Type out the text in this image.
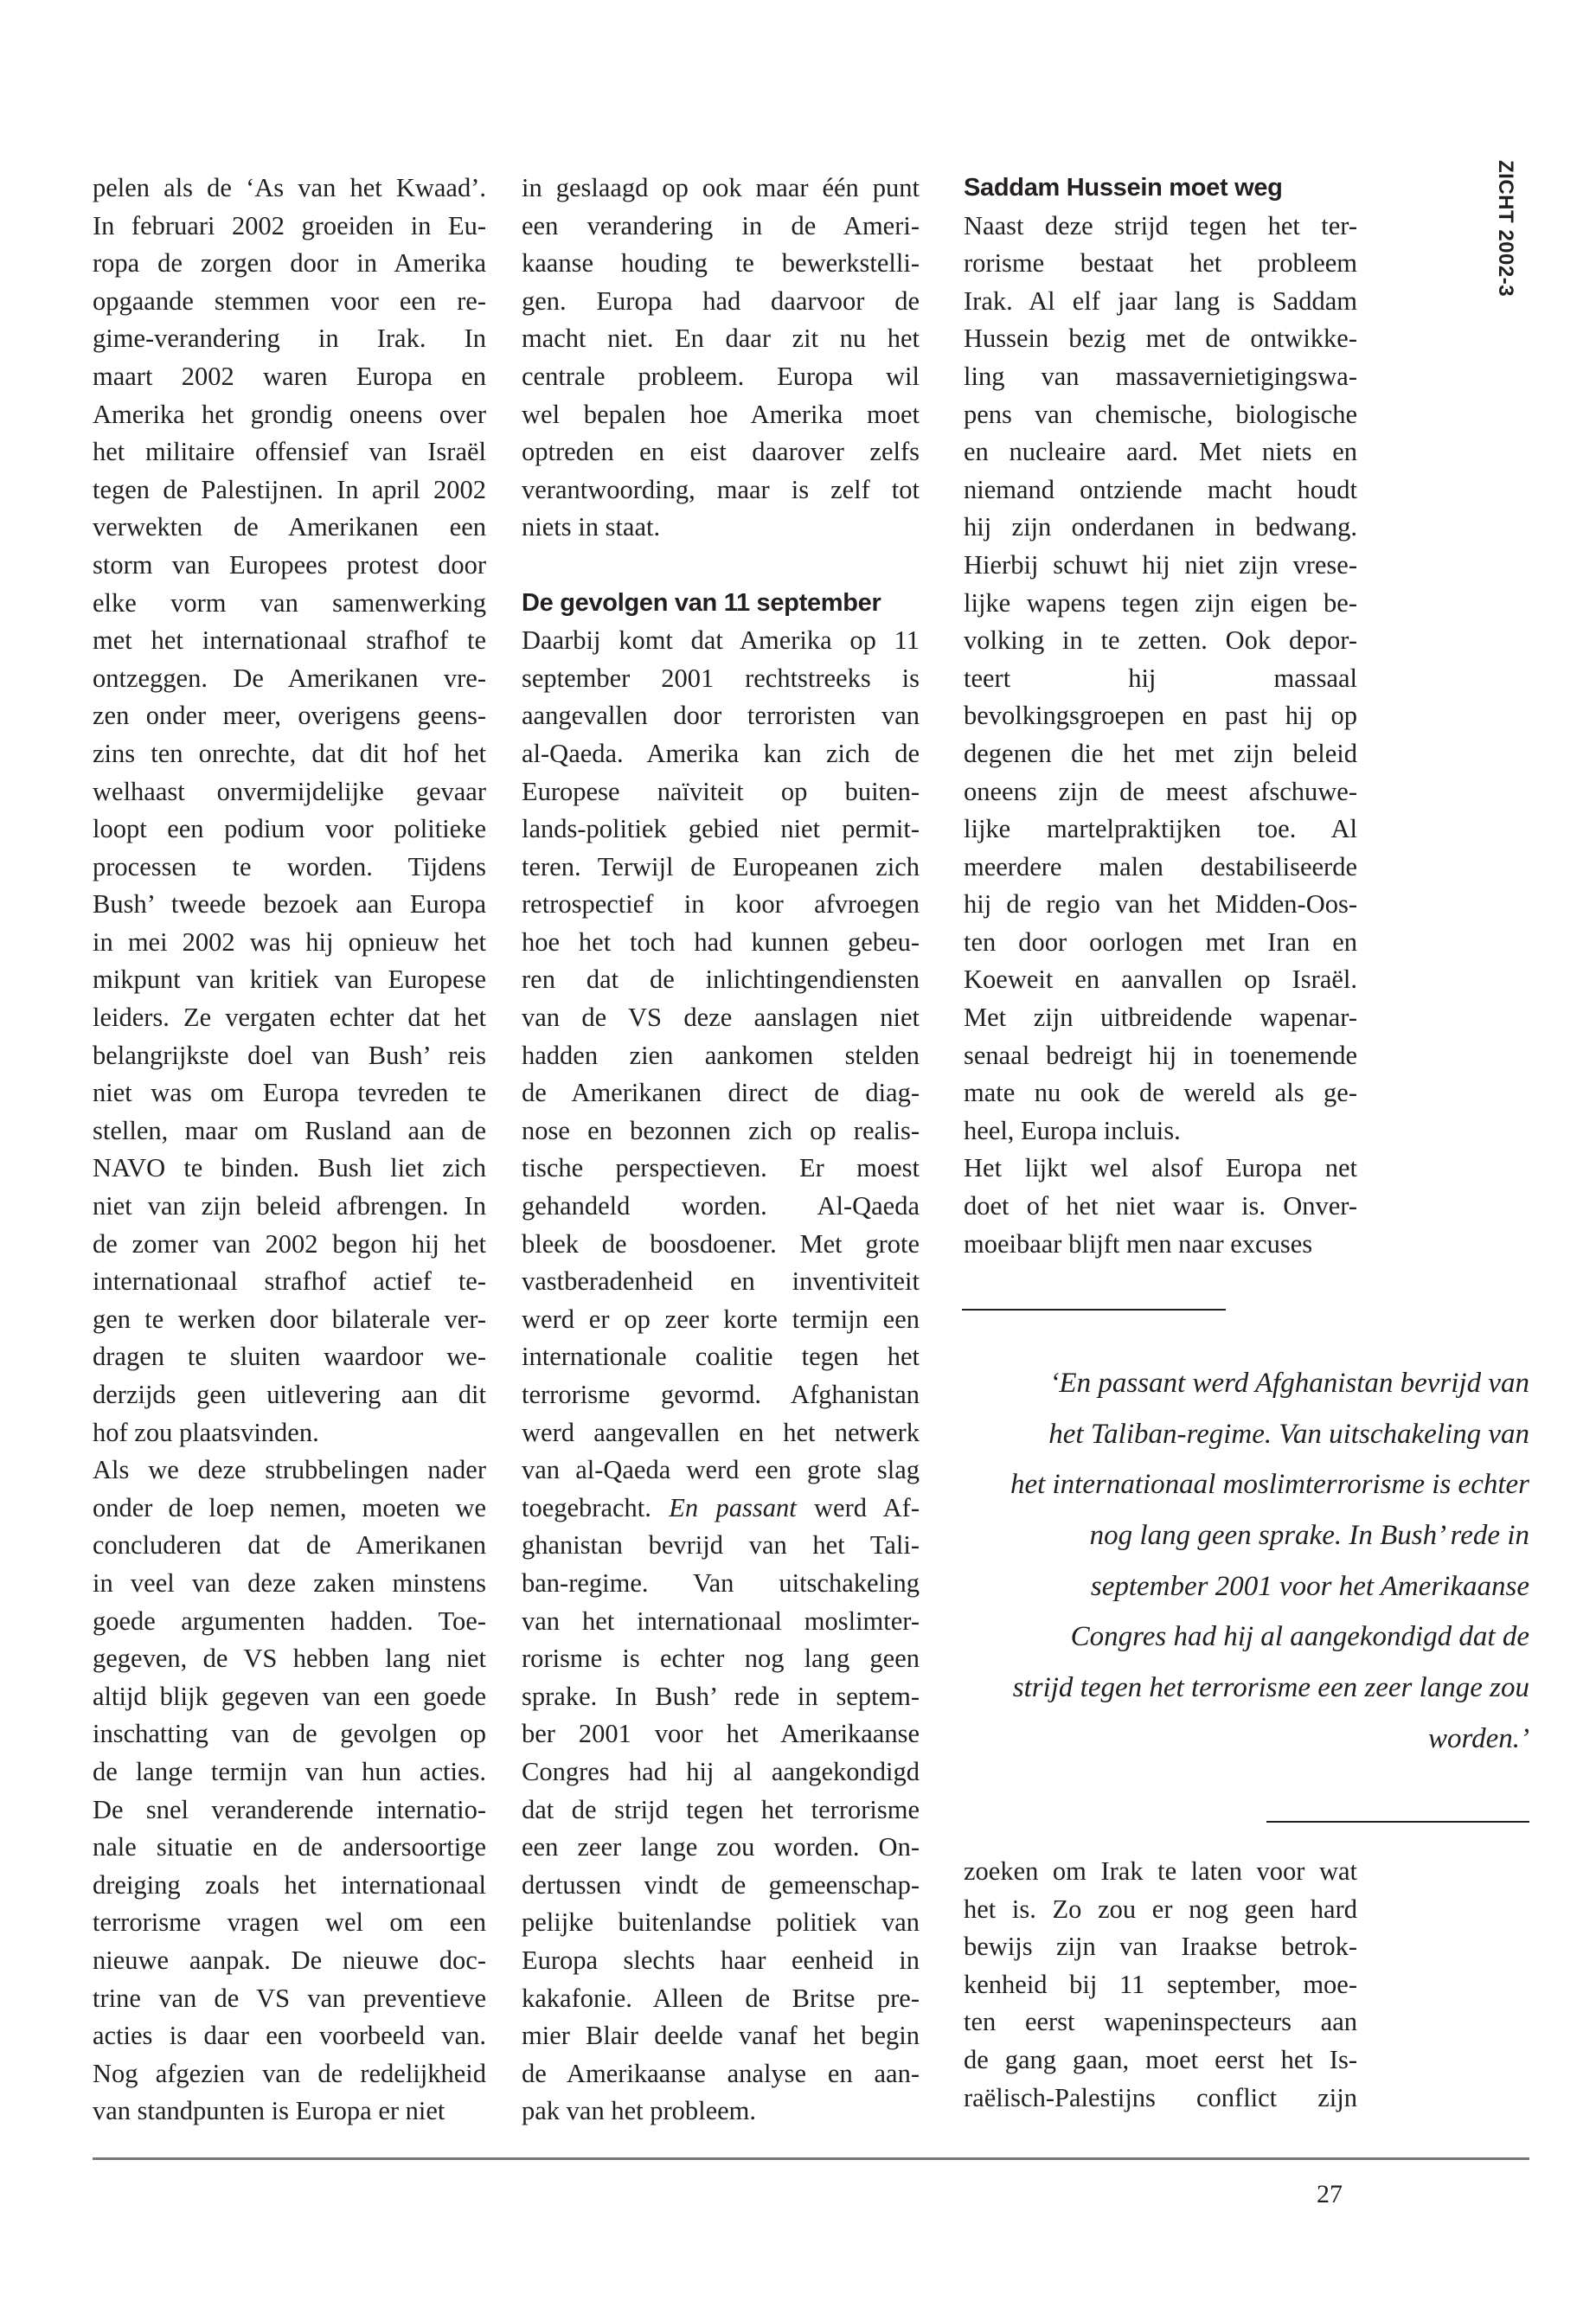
ZICHT 2002-3
pelen als de ‘As van het Kwaad’.
In februari 2002 groeiden in Eu-
ropa de zorgen door in Amerika
opgaande stemmen voor een re-
gime-verandering in Irak. In
maart 2002 waren Europa en
Amerika het grondig oneens over
het militaire offensief van Israël
tegen de Palestijnen. In april 2002
verwekten de Amerikanen een
storm van Europees protest door
elke vorm van samenwerking
met het internationaal strafhof te
ontzeggen. De Amerikanen vre-
zen onder meer, overigens geens-
zins ten onrechte, dat dit hof het
welhaast onvermijdelijke gevaar
loopt een podium voor politieke
processen te worden. Tijdens
Bush’ tweede bezoek aan Europa
in mei 2002 was hij opnieuw het
mikpunt van kritiek van Europese
leiders. Ze vergaten echter dat het
belangrijkste doel van Bush’ reis
niet was om Europa tevreden te
stellen, maar om Rusland aan de
NAVO te binden. Bush liet zich
niet van zijn beleid afbrengen. In
de zomer van 2002 begon hij het
internationaal strafhof actief te-
gen te werken door bilaterale ver-
dragen te sluiten waardoor we-
derzijds geen uitlevering aan dit
hof zou plaatsvinden.
Als we deze strubbelingen nader
onder de loep nemen, moeten we
concluderen dat de Amerikanen
in veel van deze zaken minstens
goede argumenten hadden. Toe-
gegeven, de VS hebben lang niet
altijd blijk gegeven van een goede
inschatting van de gevolgen op
de lange termijn van hun acties.
De snel veranderende internatio-
nale situatie en de andersoortige
dreiging zoals het internationaal
terrorisme vragen wel om een
nieuwe aanpak. De nieuwe doc-
trine van de VS van preventieve
acties is daar een voorbeeld van.
Nog afgezien van de redelijkheid
van standpunten is Europa er niet
in geslaagd op ook maar één punt
een verandering in de Ameri-
kaanse houding te bewerkstelli-
gen. Europa had daarvoor de
macht niet. En daar zit nu het
centrale probleem. Europa wil
wel bepalen hoe Amerika moet
optreden en eist daarover zelfs
verantwoording, maar is zelf tot
niets in staat.
De gevolgen van 11 september
Daarbij komt dat Amerika op 11
september 2001 rechtstreeks is
aangevallen door terroristen van
al-Qaeda. Amerika kan zich de
Europese naïviteit op buiten-
lands-politiek gebied niet permit-
teren. Terwijl de Europeanen zich
retrospectief in koor afvroegen
hoe het toch had kunnen gebeu-
ren dat de inlichtingendiensten
van de VS deze aanslagen niet
hadden zien aankomen stelden
de Amerikanen direct de diag-
nose en bezonnen zich op realis-
tische perspectieven. Er moest
gehandeld worden. Al-Qaeda
bleek de boosdoener. Met grote
vastberadenheid en inventiviteit
werd er op zeer korte termijn een
internationale coalitie tegen het
terrorisme gevormd. Afghanistan
werd aangevallen en het netwerk
van al-Qaeda werd een grote slag
toegebracht. En passant werd Af-
ghanistan bevrijd van het Tali-
ban-regime. Van uitschakeling
van het internationaal moslimter-
rorisme is echter nog lang geen
sprake. In Bush’ rede in septem-
ber 2001 voor het Amerikaanse
Congres had hij al aangekondigd
dat de strijd tegen het terrorisme
een zeer lange zou worden. On-
dertussen vindt de gemeenschap-
pelijke buitenlandse politiek van
Europa slechts haar eenheid in
kakafonie. Alleen de Britse pre-
mier Blair deelde vanaf het begin
de Amerikaanse analyse en aan-
pak van het probleem.
Saddam Hussein moet weg
Naast deze strijd tegen het ter-
rorisme bestaat het probleem
Irak. Al elf jaar lang is Saddam
Hussein bezig met de ontwikke-
ling van massavernietigingswa-
pens van chemische, biologische
en nucleaire aard. Met niets en
niemand ontziende macht houdt
hij zijn onderdanen in bedwang.
Hierbij schuwt hij niet zijn vrese-
lijke wapens tegen zijn eigen be-
volking in te zetten. Ook depor-
teert hij massaal
bevolkingsgroepen en past hij op
degenen die het met zijn beleid
oneens zijn de meest afschuwe-
lijke martelpraktijken toe. Al
meerdere malen destabiliseerde
hij de regio van het Midden-Oos-
ten door oorlogen met Iran en
Koeweit en aanvallen op Israël.
Met zijn uitbreidende wapenar-
senaal bedreigt hij in toenemende
mate nu ook de wereld als ge-
heel, Europa incluis.
Het lijkt wel alsof Europa net
doet of het niet waar is. Onver-
moeibaar blijft men naar excuses
‘En passant werd Afghanistan bevrijd van
het Taliban-regime. Van uitschakeling van
het internationaal moslimterrorisme is echter
nog lang geen sprake. In Bush’ rede in
september 2001 voor het Amerikaanse
Congres had hij al aangekondigd dat de
strijd tegen het terrorisme een zeer lange zou
worden.’
zoeken om Irak te laten voor wat
het is. Zo zou er nog geen hard
bewijs zijn van Iraakse betrok-
kenheid bij 11 september, moe-
ten eerst wapeninspecteurs aan
de gang gaan, moet eerst het Is-
raëlisch-Palestijns conflict zijn
27
